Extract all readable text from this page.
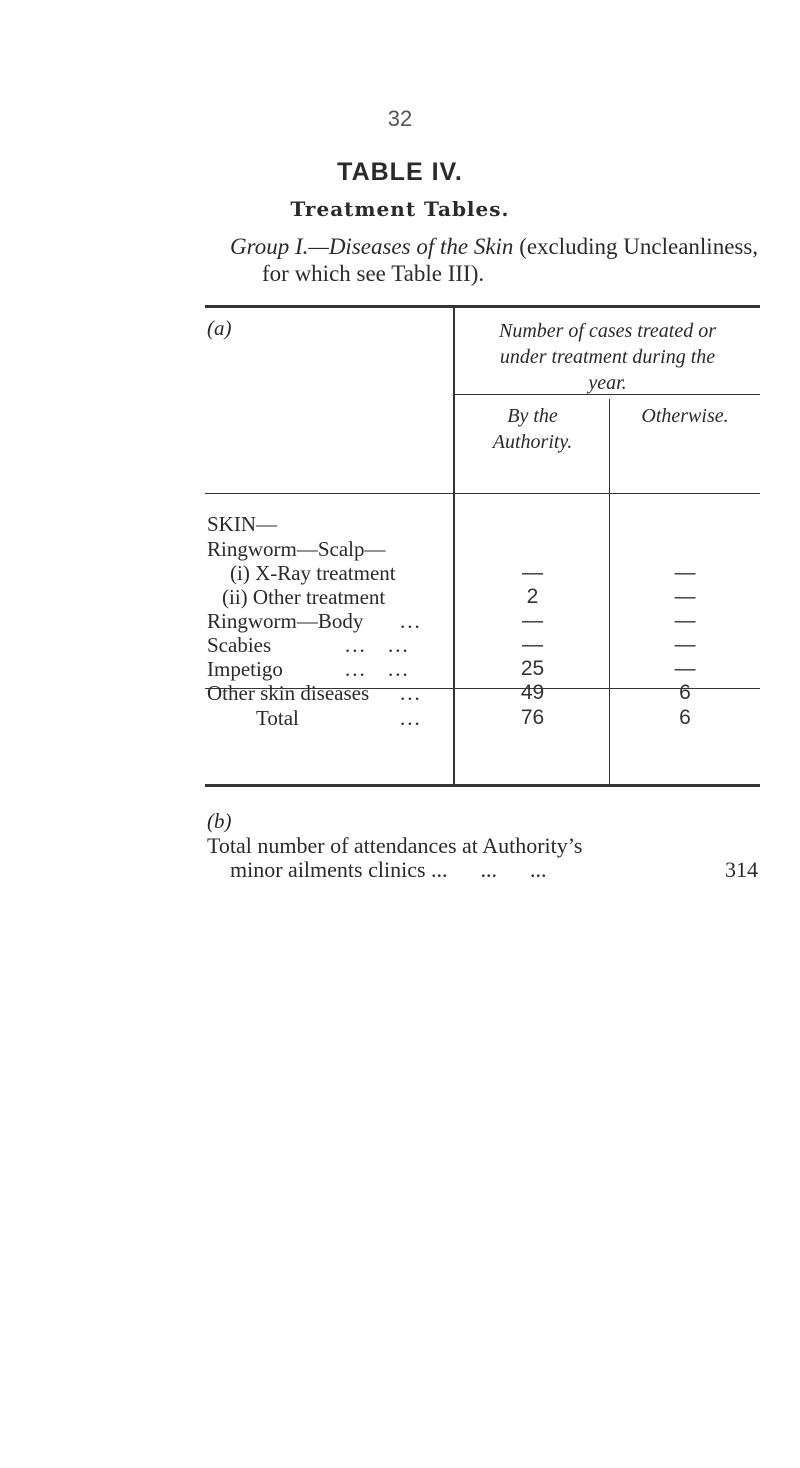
32
TABLE IV.
Treatment Tables.
Group I.—Diseases of the Skin (excluding Uncleanliness,
for which see Table III).
(a)	Number of cases treated or
under treatment during the
year.
By the
Authority.
Otherwise.
SKIN—
Ringworm—Scalp—
(i) X-Ray treatment	—	—
(ii) Other treatment	2	—
Ringworm—Body ...	—	—
Scabies	... ...	—	—
Impetigo	... ...	25	—
Other skin diseases ...	49	6
Total	...	76	6
(b)
Total number of attendances at Authority’s
minor ailments clinics ...      ...      ...	314
